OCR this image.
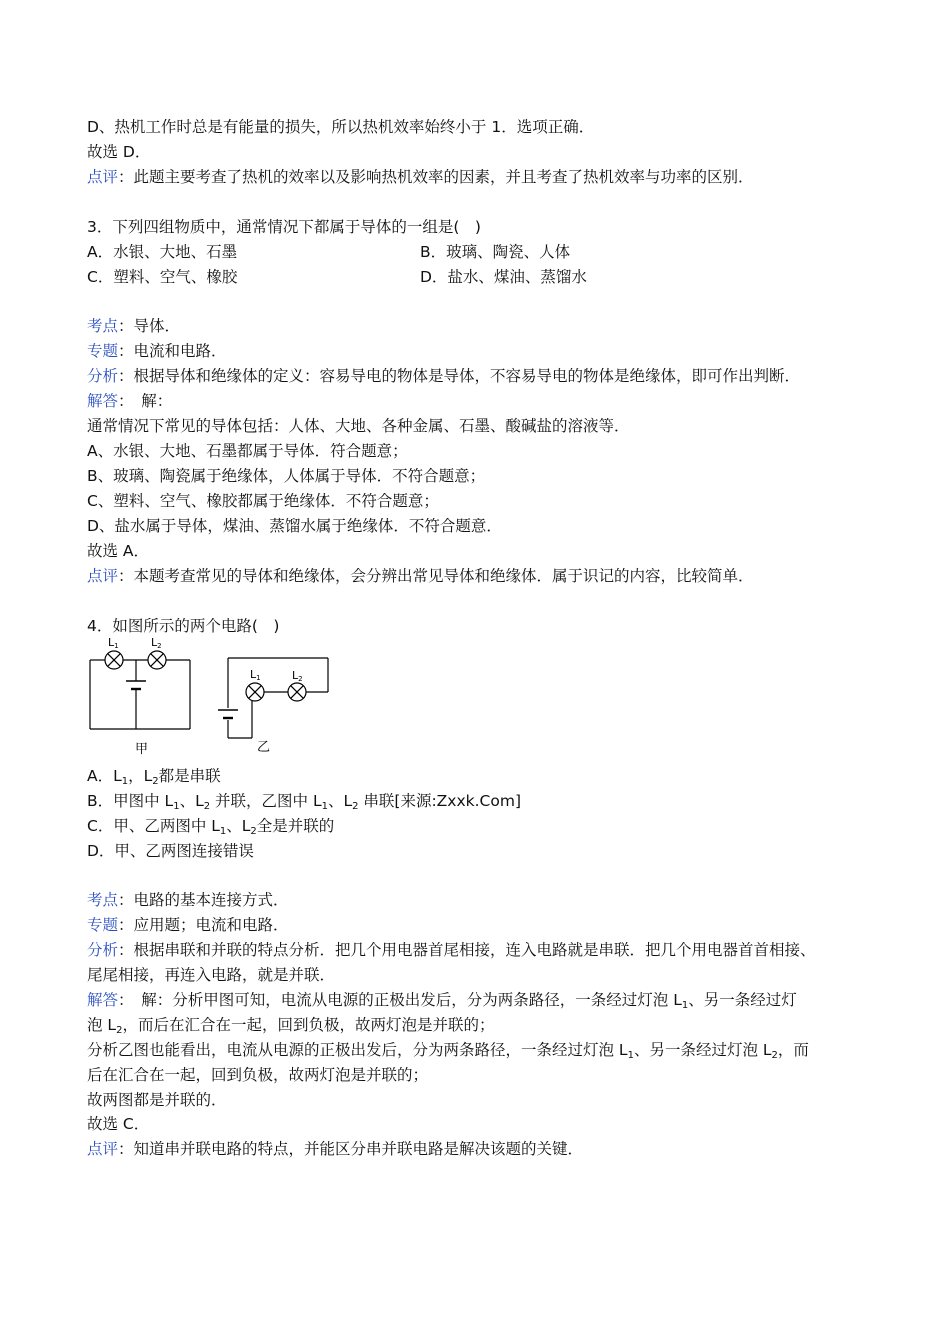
D、热机工作时总是有能量的损失，所以热机效率始终小于 1．选项正确．
故选 D．
点评：此题主要考查了热机的效率以及影响热机效率的因素，并且考查了热机效率与功率的区别．
3．下列四组物质中，通常情况下都属于导体的一组是(　)
A．水银、大地、石墨	B．玻璃、陶瓷、人体
C．塑料、空气、橡胶	D．盐水、煤油、蒸馏水
考点：导体．
专题：电流和电路．
分析：根据导体和绝缘体的定义：容易导电的物体是导体，不容易导电的物体是绝缘体，即可作出判断．
解答：　解：
通常情况下常见的导体包括：人体、大地、各种金属、石墨、酸碱盐的溶液等．
A、水银、大地、石墨都属于导体．符合题意；
B、玻璃、陶瓷属于绝缘体，人体属于导体．不符合题意；
C、塑料、空气、橡胶都属于绝缘体．不符合题意；
D、盐水属于导体，煤油、蒸馏水属于绝缘体．不符合题意．
故选 A．
点评：本题考查常见的导体和绝缘体，会分辨出常见导体和绝缘体．属于识记的内容，比较简单．
4．如图所示的两个电路(　)
L1	L2
L1	L2
甲	乙
A．$L_1$，$L_2$都是串联
B．甲图中 $L_1$、$L_2$ 并联，乙图中 $L_1$、$L_2$ 串联[来源:Zxxk.Com]
C．甲、乙两图中 $L_1$、$L_2$全是并联的
D．甲、乙两图连接错误
考点：电路的基本连接方式．
专题：应用题；电流和电路．
分析：根据串联和并联的特点分析．把几个用电器首尾相接，连入电路就是串联．把几个用电器首首相接、
尾尾相接，再连入电路，就是并联．
解答：　解：分析甲图可知，电流从电源的正极出发后，分为两条路径，一条经过灯泡 $L_1$、另一条经过灯
泡 $L_2$，而后在汇合在一起，回到负极，故两灯泡是并联的；
分析乙图也能看出，电流从电源的正极出发后，分为两条路径，一条经过灯泡 $L_1$、另一条经过灯泡 $L_2$，而
后在汇合在一起，回到负极，故两灯泡是并联的；
故两图都是并联的．
故选 C．
点评：知道串并联电路的特点，并能区分串并联电路是解决该题的关键．
